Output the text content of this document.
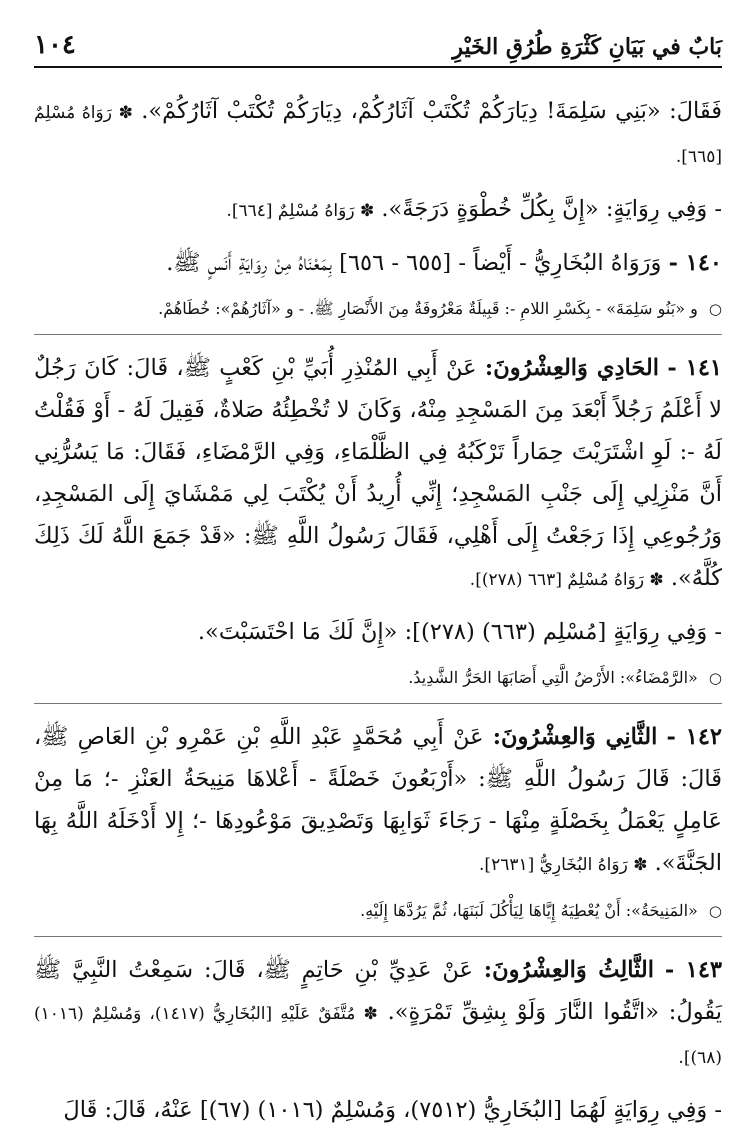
بَابٌ في بَيَانِ كَثْرَةِ طُرُقِ الخَيْرِ
١٠٤

فَقَالَ: «بَنِي سَلِمَةَ! دِيَارَكُمْ تُكْتَبْ آثَارُكُمْ، دِيَارَكُمْ تُكْتَبْ آثَارُكُمْ». ✽ رَوَاهُ مُسْلِمٌ [٦٦٥].

- وَفِي رِوَايَةٍ: «إِنَّ بِكُلِّ خُطْوَةٍ دَرَجَةً». ✽ رَوَاهُ مُسْلِمٌ [٦٦٤].

١٤٠ - وَرَوَاهُ البُخَارِيُّ - أَيْضاً - [٦٥٥ - ٦٥٦] بِمَعْنَاهُ مِنْ رِوَايَةِ أَنَسٍ ﷺ.

○ و «بَنُو سَلِمَةَ» - بِكَسْرِ اللامِ -: قَبِيلَةٌ مَعْرُوفَةٌ مِنَ الأَنْصَارِ ﷺ. - و «آثَارُهُمْ»: خُطَاهُمْ.

١٤١ - الحَادِي وَالعِشْرُونَ: عَنْ أَبِي المُنْذِرِ أُبَيِّ بْنِ كَعْبٍ ﷺ، قَالَ: كَانَ رَجُلٌ لا أَعْلَمُ رَجُلاً أَبْعَدَ مِنَ المَسْجِدِ مِنْهُ، وَكَانَ لا تُخْطِئُهُ صَلاةٌ، فَقِيلَ لَهُ - أَوْ فَقُلْتُ لَهُ -: لَوِ اشْتَرَيْتَ حِمَاراً تَرْكَبُهُ فِي الظَّلْمَاءِ، وَفِي الرَّمْضَاءِ، فَقَالَ: مَا يَسُرُّنِي أَنَّ مَنْزِلِي إِلَى جَنْبِ المَسْجِدِ؛ إِنِّي أُرِيدُ أَنْ يُكْتَبَ لِي مَمْشَايَ إِلَى المَسْجِدِ، وَرُجُوعِي إِذَا رَجَعْتُ إِلَى أَهْلِي، فَقَالَ رَسُولُ اللَّهِ ﷺ: «قَدْ جَمَعَ اللَّهُ لَكَ ذَلِكَ كُلَّهُ». ✽ رَوَاهُ مُسْلِمٌ [٦٦٣ (٢٧٨)].

- وَفِي رِوَايَةٍ [مُسْلِم (٦٦٣) (٢٧٨)]: «إِنَّ لَكَ مَا احْتَسَبْتَ».

○ «الرَّمْضَاءُ»: الأَرْضُ الَّتِي أَصَابَهَا الحَرُّ الشَّدِيدُ.

١٤٢ - الثَّانِي وَالعِشْرُونَ: عَنْ أَبِي مُحَمَّدٍ عَبْدِ اللَّهِ بْنِ عَمْرِو بْنِ العَاصِ ﷺ، قَالَ: قَالَ رَسُولُ اللَّهِ ﷺ: «أَرْبَعُونَ خَصْلَةً - أَعْلاهَا مَنِيحَةُ العَنْزِ -؛ مَا مِنْ عَامِلٍ يَعْمَلُ بِخَصْلَةٍ مِنْهَا - رَجَاءَ ثَوَابِهَا وَتَصْدِيقَ مَوْعُودِهَا -؛ إِلا أَدْخَلَهُ اللَّهُ بِهَا الجَنَّةَ». ✽ رَوَاهُ البُخَارِيُّ [٢٦٣١].

○ «المَنِيحَةُ»: أَنْ يُعْطِيَهُ إِيَّاهَا لِيَأْكُلَ لَبَنَهَا، ثُمَّ يَرُدَّهَا إِلَيْهِ.

١٤٣ - الثَّالِثُ وَالعِشْرُونَ: عَنْ عَدِيِّ بْنِ حَاتِمٍ ﷺ، قَالَ: سَمِعْتُ النَّبِيَّ ﷺ يَقُولُ: «اتَّقُوا النَّارَ وَلَوْ بِشِقِّ تَمْرَةٍ». ✽ مُتَّفَقٌ عَلَيْهِ [البُخَارِيُّ (١٤١٧)، وَمُسْلِمٌ (١٠١٦) (٦٨)].

- وَفِي رِوَايَةٍ لَهُمَا [البُخَارِيُّ (٧٥١٢)، وَمُسْلِمٌ (١٠١٦) (٦٧)] عَنْهُ، قَالَ: قَالَ
